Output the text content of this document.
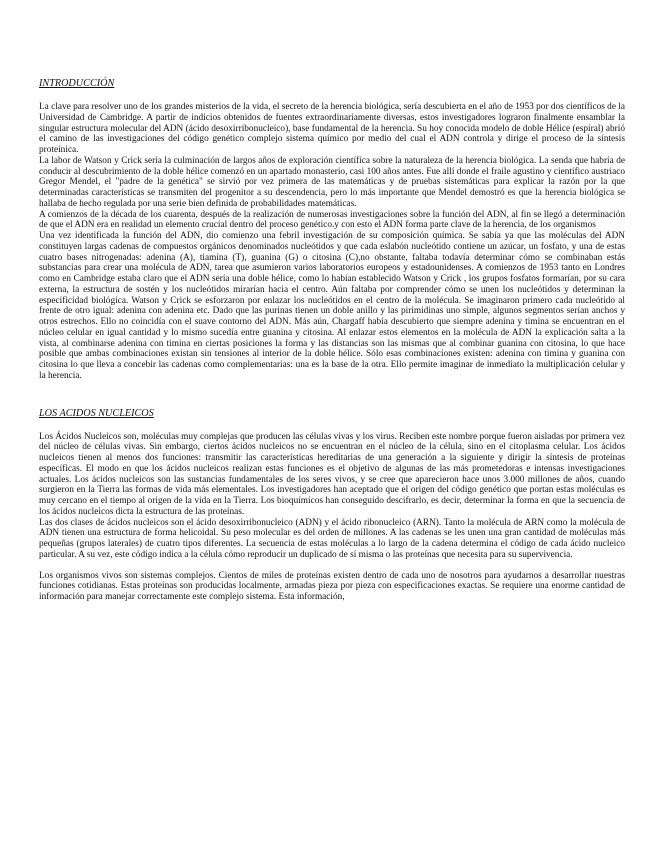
INTRODUCCIÓN

La clave para resolver uno de los grandes misterios de la vida, el secreto de la herencia biológica, sería descubierta en el año de 1953 por dos científicos de la Universidad de Cambridge. A partir de indicios obtenidos de fuentes extraordinariamente diversas, estos investigadores lograron finalmente ensamblar la singular estructura molecular del ADN (ácido desoxirribonucleico), base fundamental de la herencia. Su hoy conocida modelo de doble Hélice (espiral) abrió el camino de las investigaciones del código genético complejo sistema químico por medio del cual el ADN controla y dirige el proceso de la síntesis proteínica.

La labor de Watson y Crick sería la culminación de largos años de exploración científica sobre la naturaleza de la herencia biológica. La senda que habría de conducir al descubrimiento de la doble hélice comenzó en un apartado monasterio, casi 100 años antes. Fue allí donde el fraile agustino y científico austriaco Gregor Mendel, el "padre de la genética" se sirvió por vez primera de las matemáticas y de pruebas sistemáticas para explicar la razón por la que determinadas características se transmiten del progenitor a su descendencia, pero lo más importante que Mendel demostró es que la herencia biológica se hallaba de hecho regulada por una serie bien definida de probabilidades matemáticas.

A comienzos de la década de los cuarenta, después de la realización de numerosas investigaciones sobre la función del ADN, al fin se llegó a determinación de que el ADN era en realidad un elemento crucial dentro del proceso genético.y con esto el ADN forma parte clave de la herencia, de los organismos

Una vez identificada la función del ADN, dio comienzo una febril investigación de su composición química. Se sabía ya que las moléculas del ADN constituyen largas cadenas de compuestos orgánicos denominados nucleótidos y que cada eslabón nucleótido contiene un azúcar, un fosfato, y una de estas cuatro bases nitrogenadas: adenina (A), tiamina (T), guanina (G) o citosina (C),no obstante, faltaba todavía determinar cómo se combinaban estás substancias para crear una molécula de ADN, tarea que asumieron varios laboratorios europeos y estadounidenses. A comienzos de 1953 tanto en Londres como en Cambridge estaba claro que el ADN sería una doble hélice, como lo habían establecido Watson y Crick , los grupos fosfatos formarían, por su cara externa, la estructura de sostén y los nucleótidos mirarían hacia el centro. Aún faltaba por comprender cómo se unen los nucleótidos y determinan la especificidad biológica. Watson y Crick se esforzaron por enlazar los nucleótidos en el centro de la molécula. Se imaginaron primero cada nucleótido al frente de otro igual: adenina con adenina etc. Dado que las purinas tienen un doble anillo y las pirimidinas uno simple, algunos segmentos serían anchos y otros estrechos. Ello no coincidía con el suave contorno del ADN. Más aún, Chargaff había descubierto que siempre adenina y timina se encuentran en el núcleo celular en igual cantidad y lo mismo sucedía entre guanina y citosina. Al enlazar estos elementos en la molécula de ADN la explicación salta a la vista, al combinarse adenina con timina en ciertas posiciones la forma y las distancias son las mismas que al combinar guanina con citosina, lo que hace posible que ambas combinaciones existan sin tensiones al interior de la doble hélice. Sólo esas combinaciones existen: adenina con timina y guanina con citosina lo que lleva a concebir las cadenas como complementarias: una es la base de la otra. Ello permite imaginar de inmediato la multiplicación celular y la herencia.

LOS ACIDOS NUCLEICOS

Los Ácidos Nucleicos son, moléculas muy complejas que producen las células vivas y los virus. Reciben este nombre porque fueron aisladas por primera vez del núcleo de células vivas. Sin embargo, ciertos ácidos nucleicos no se encuentran en el núcleo de la célula, sino en el citoplasma celular. Los ácidos nucleicos tienen al menos dos funciones: transmitir las características hereditarias de una generación a la siguiente y dirigir la síntesis de proteínas específicas. El modo en que los ácidos nucleicos realizan estas funciones es el objetivo de algunas de las más prometedoras e intensas investigaciones actuales. Los ácidos nucleicos son las sustancias fundamentales de los seres vivos, y se cree que aparecieron hace unos 3.000 millones de años, cuando surgieron en la Tierra las formas de vida más elementales. Los investigadores han aceptado que el origen del código genético que portan estas moléculas es muy cercano en el tiempo al origen de la vida en la Tierra. Los bioquímicos han conseguido descifrarlo, es decir, determinar la forma en que la secuencia de los ácidos nucleicos dicta la estructura de las proteínas.

Las dos clases de ácidos nucleicos son el ácido desoxirribonucleico (ADN) y el ácido ribonucleico (ARN). Tanto la molécula de ARN como la molécula de ADN tienen una estructura de forma helicoidal. Su peso molecular es del orden de millones. A las cadenas se les unen una gran cantidad de moléculas más pequeñas (grupos laterales) de cuatro tipos diferentes. La secuencia de estas moléculas a lo largo de la cadena determina el código de cada ácido nucleico particular. A su vez, este código indica a la célula cómo reproducir un duplicado de sí misma o las proteínas que necesita para su supervivencia.

Los organismos vivos son sistemas complejos. Cientos de miles de proteínas existen dentro de cada uno de nosotros para ayudarnos a desarrollar nuestras funciones cotidianas. Estas proteínas son producidas localmente, armadas pieza por pieza con especificaciones exactas. Se requiere una enorme cantidad de información para manejar correctamente este complejo sistema. Esta información,
